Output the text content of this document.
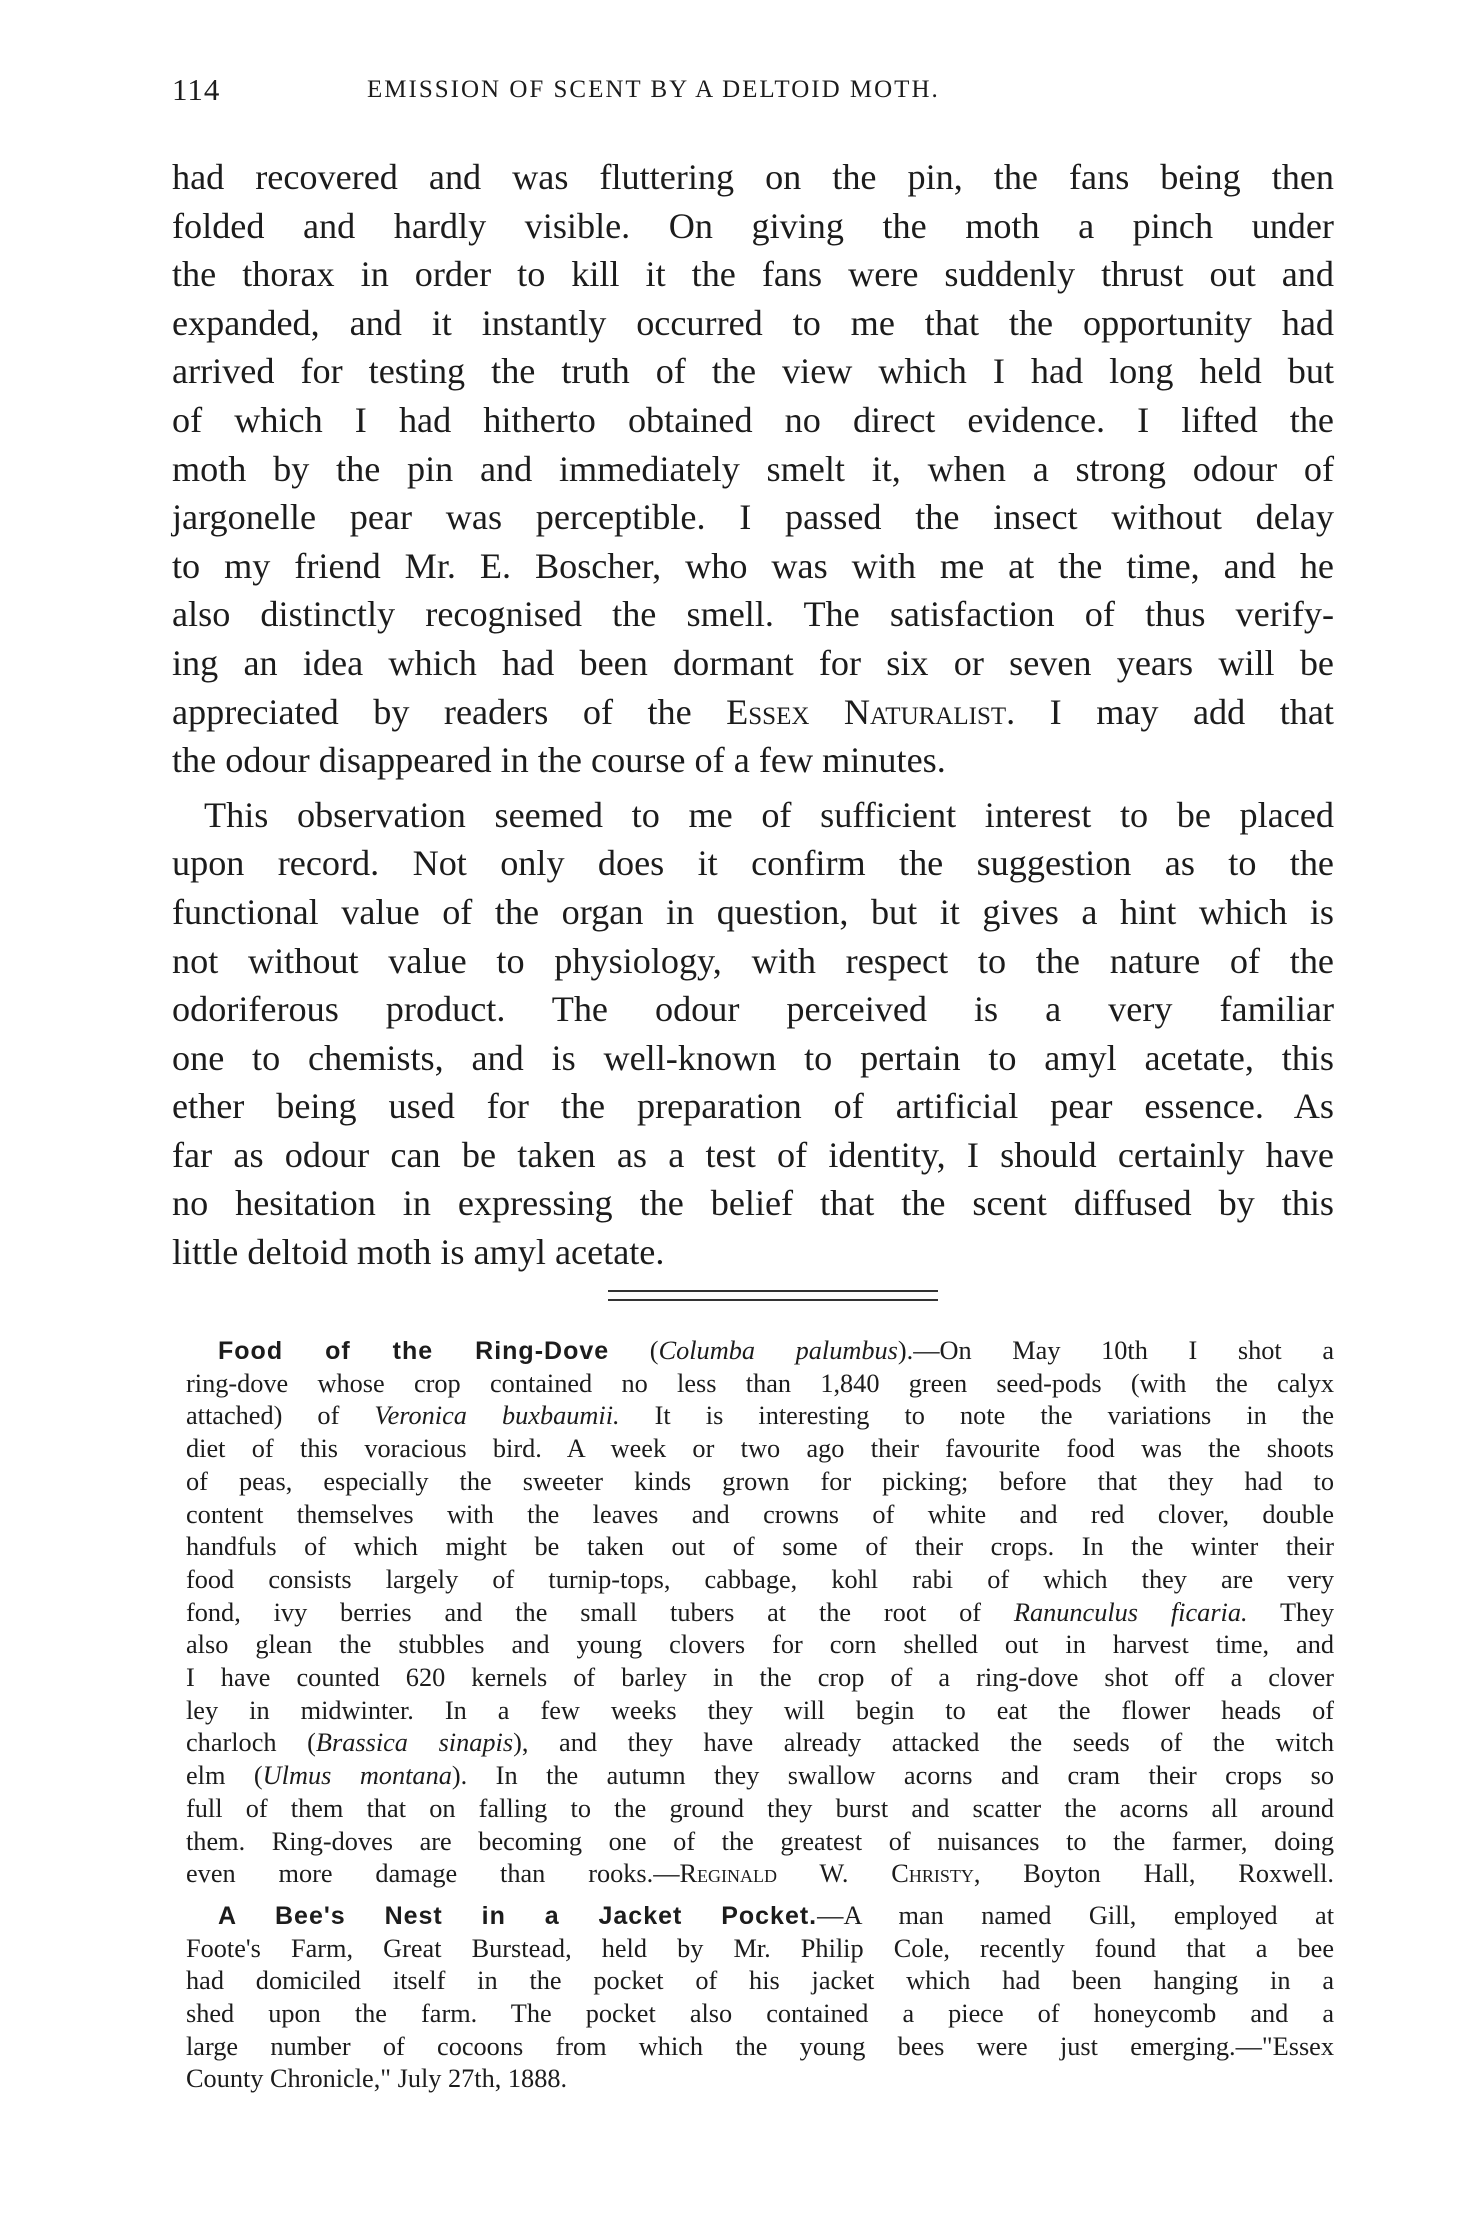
114	EMISSION OF SCENT BY A DELTOID MOTH.

had recovered and was fluttering on the pin, the fans being then
folded and hardly visible. On giving the moth a pinch under
the thorax in order to kill it the fans were suddenly thrust out and
expanded, and it instantly occurred to me that the opportunity had
arrived for testing the truth of the view which I had long held but
of which I had hitherto obtained no direct evidence. I lifted the
moth by the pin and immediately smelt it, when a strong odour of
jargonelle pear was perceptible. I passed the insect without delay
to my friend Mr. E. Boscher, who was with me at the time, and he
also distinctly recognised the smell. The satisfaction of thus verify-
ing an idea which had been dormant for six or seven years will be
appreciated by readers of the Essex Naturalist. I may add that
the odour disappeared in the course of a few minutes.

This observation seemed to me of sufficient interest to be placed
upon record. Not only does it confirm the suggestion as to the
functional value of the organ in question, but it gives a hint which is
not without value to physiology, with respect to the nature of the
odoriferous product. The odour perceived is a very familiar
one to chemists, and is well-known to pertain to amyl acetate, this
ether being used for the preparation of artificial pear essence. As
far as odour can be taken as a test of identity, I should certainly have
no hesitation in expressing the belief that the scent diffused by this
little deltoid moth is amyl acetate.

Food of the Ring-Dove (Columba palumbus).—On May 10th I shot a
ring-dove whose crop contained no less than 1,840 green seed-pods (with the calyx
attached) of Veronica buxbaumii. It is interesting to note the variations in the
diet of this voracious bird. A week or two ago their favourite food was the shoots
of peas, especially the sweeter kinds grown for picking; before that they had to
content themselves with the leaves and crowns of white and red clover, double
handfuls of which might be taken out of some of their crops. In the winter their
food consists largely of turnip-tops, cabbage, kohl rabi of which they are very
fond, ivy berries and the small tubers at the root of Ranunculus ficaria. They
also glean the stubbles and young clovers for corn shelled out in harvest time, and
I have counted 620 kernels of barley in the crop of a ring-dove shot off a clover
ley in midwinter. In a few weeks they will begin to eat the flower heads of
charloch (Brassica sinapis), and they have already attacked the seeds of the witch
elm (Ulmus montana). In the autumn they swallow acorns and cram their crops so
full of them that on falling to the ground they burst and scatter the acorns all around
them. Ring-doves are becoming one of the greatest of nuisances to the farmer, doing
even more damage than rooks.—Reginald W. Christy, Boyton Hall, Roxwell.

A Bee's Nest in a Jacket Pocket.—A man named Gill, employed at
Foote's Farm, Great Burstead, held by Mr. Philip Cole, recently found that a bee
had domiciled itself in the pocket of his jacket which had been hanging in a
shed upon the farm. The pocket also contained a piece of honeycomb and a
large number of cocoons from which the young bees were just emerging.—"Essex
County Chronicle," July 27th, 1888.
